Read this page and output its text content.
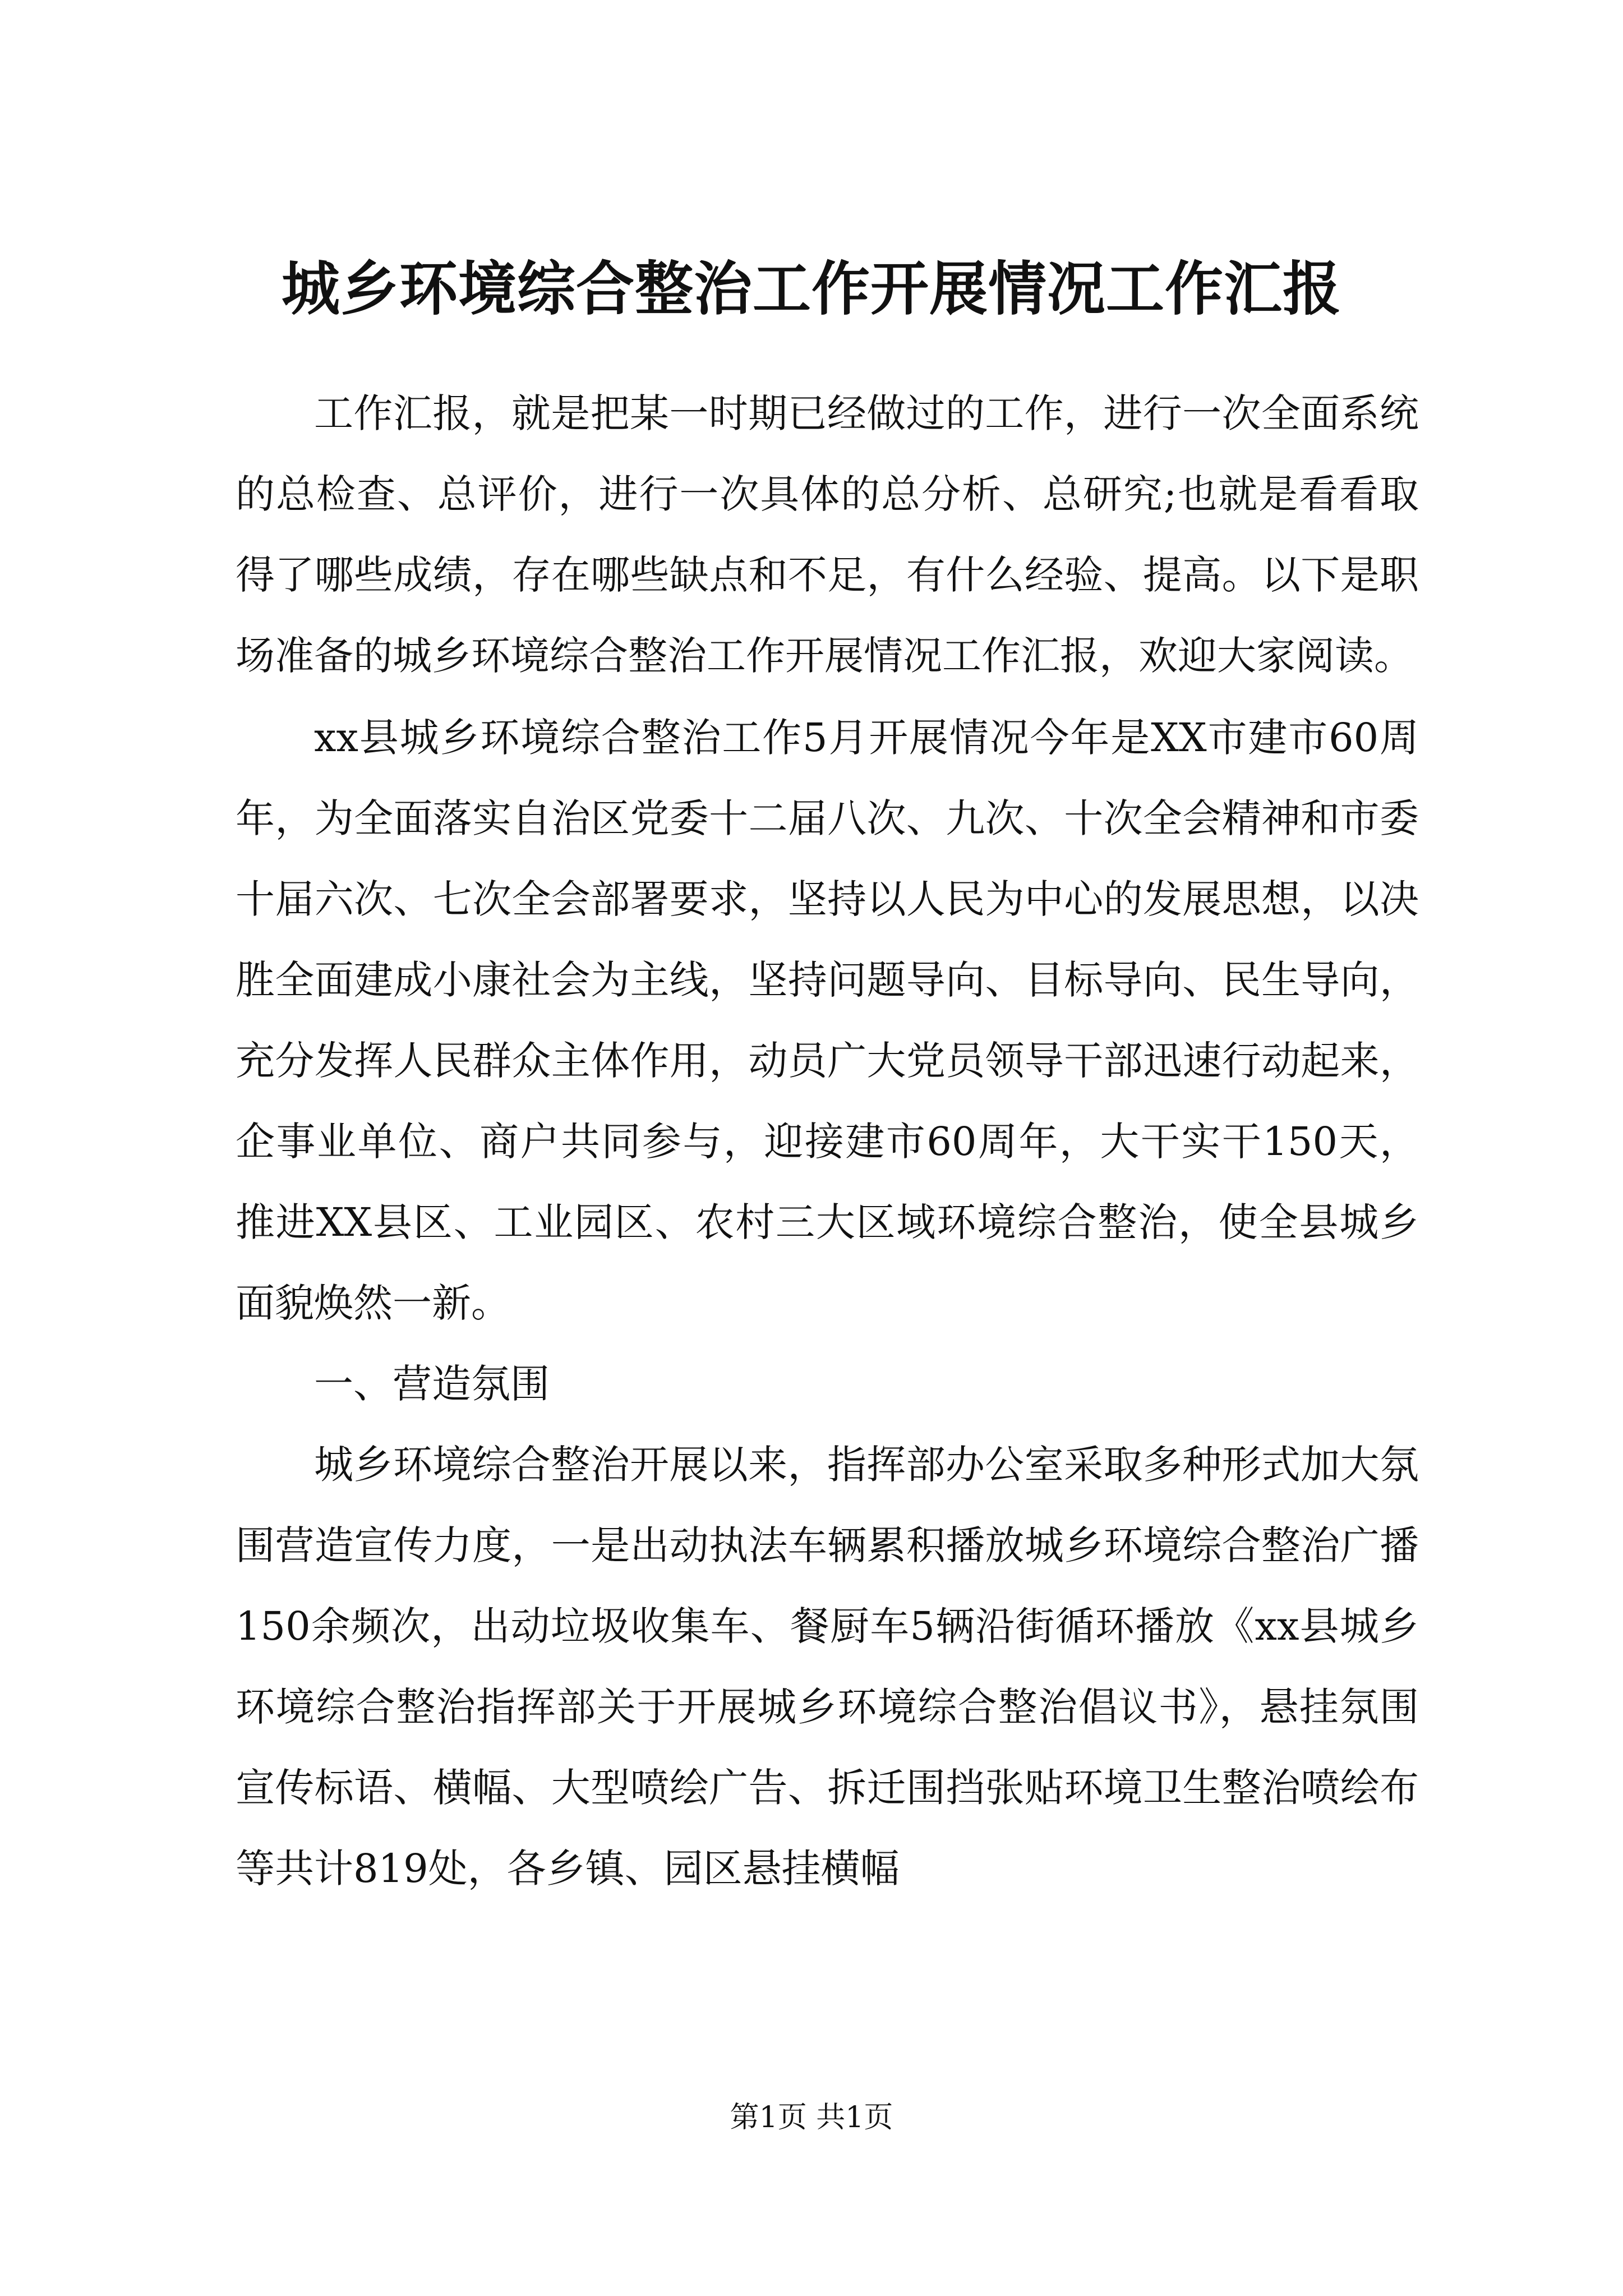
城乡环境综合整治工作开展情况工作汇报

工作汇报，就是把某一时期已经做过的工作，进行一次全面系统的总检查、总评价，进行一次具体的总分析、总研究;也就是看看取得了哪些成绩，存在哪些缺点和不足，有什么经验、提高。以下是职场准备的城乡环境综合整治工作开展情况工作汇报，欢迎大家阅读。

xx县城乡环境综合整治工作5月开展情况今年是XX市建市60周年，为全面落实自治区党委十二届八次、九次、十次全会精神和市委十届六次、七次全会部署要求，坚持以人民为中心的发展思想，以决胜全面建成小康社会为主线，坚持问题导向、目标导向、民生导向，充分发挥人民群众主体作用，动员广大党员领导干部迅速行动起来，企事业单位、商户共同参与，迎接建市60周年，大干实干150天，推进XX县区、工业园区、农村三大区域环境综合整治，使全县城乡面貌焕然一新。

一、营造氛围

城乡环境综合整治开展以来，指挥部办公室采取多种形式加大氛围营造宣传力度，一是出动执法车辆累积播放城乡环境综合整治广播150余频次，出动垃圾收集车、餐厨车5辆沿街循环播放《xx县城乡环境综合整治指挥部关于开展城乡环境综合整治倡议书》，悬挂氛围宣传标语、横幅、大型喷绘广告、拆迁围挡张贴环境卫生整治喷绘布等共计819处，各乡镇、园区悬挂横幅

第1页 共1页
